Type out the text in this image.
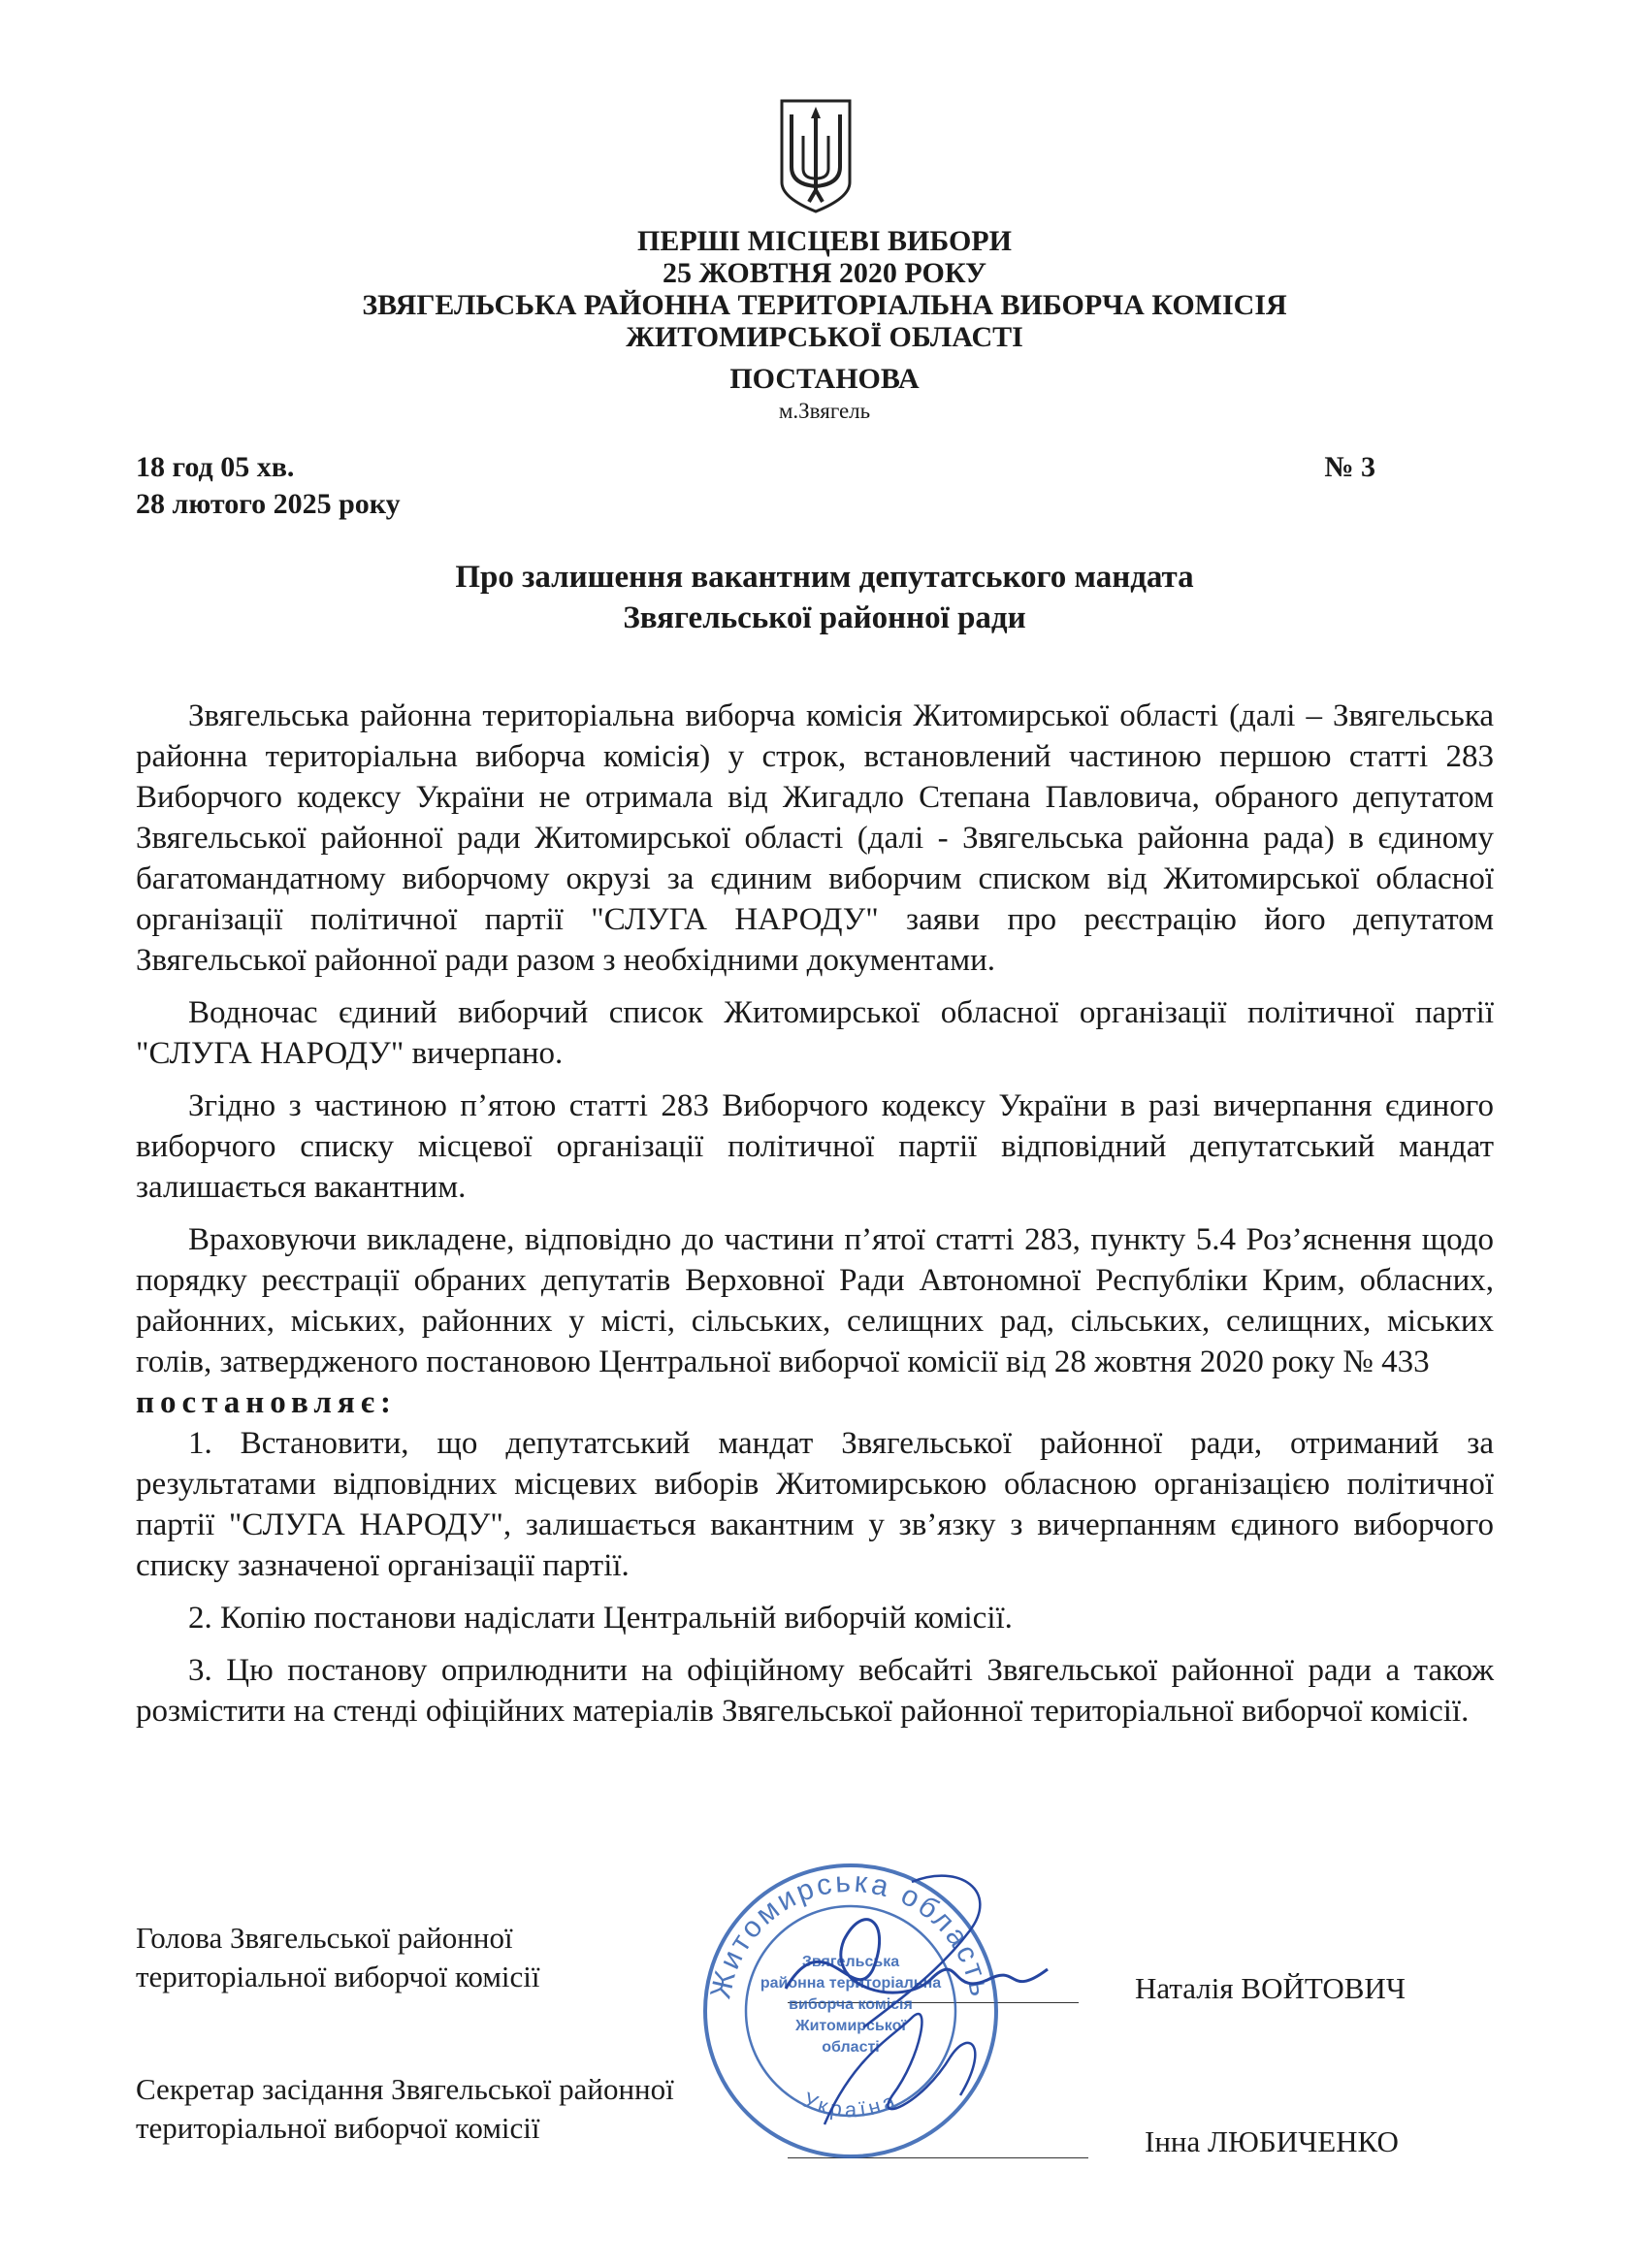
ПЕРШІ МІСЦЕВІ ВИБОРИ
25 ЖОВТНЯ 2020 РОКУ
ЗВЯГЕЛЬСЬКА РАЙОННА ТЕРИТОРІАЛЬНА ВИБОРЧА КОМІСІЯ
ЖИТОМИРСЬКОЇ ОБЛАСТІ
ПОСТАНОВА
м.Звягель
18 год 05 хв.
28 лютого 2025 року
№ 3
Про залишення вакантним депутатського мандата
Звягельської районної ради

Звягельська районна територіальна виборча комісія Житомирської області (далі – Звягельська районна територіальна виборча комісія) у строк, встановлений частиною першою статті 283 Виборчого кодексу України не отримала від Жигадло Степана Павловича, обраного депутатом Звягельської районної ради Житомирської області (далі - Звягельська районна рада) в єдиному багатомандатному виборчому окрузі за єдиним виборчим списком від Житомирської обласної організації політичної партії "СЛУГА НАРОДУ" заяви про реєстрацію його депутатом Звягельської районної ради разом з необхідними документами.

Водночас єдиний виборчий список Житомирської обласної організації політичної партії "СЛУГА НАРОДУ" вичерпано.

Згідно з частиною п’ятою статті 283 Виборчого кодексу України в разі вичерпання єдиного виборчого списку місцевої організації політичної партії відповідний депутатський мандат залишається вакантним.

Враховуючи викладене, відповідно до частини п’ятої статті 283, пункту 5.4 Роз’яснення щодо порядку реєстрації обраних депутатів Верховної Ради Автономної Республіки Крим, обласних, районних, міських, районних у місті, сільських, селищних рад, сільських, селищних, міських голів, затвердженого постановою Центральної виборчої комісії від 28 жовтня 2020 року № 433

постановляє:

1. Встановити, що депутатський мандат Звягельської районної ради, отриманий за результатами відповідних місцевих виборів Житомирською обласною організацією політичної партії "СЛУГА НАРОДУ", залишається вакантним у зв’язку з вичерпанням єдиного виборчого списку зазначеної організації партії.

2. Копію постанови надіслати Центральній виборчій комісії.

3. Цю постанову оприлюднити на офіційному вебсайті Звягельської районної ради а також розмістити на стенді офіційних матеріалів Звягельської районної територіальної виборчої комісії.

Голова Звягельської районної
територіальної виборчої комісії	Наталія ВОЙТОВИЧ
Секретар засідання Звягельської районної
територіальної виборчої комісії	Інна ЛЮБИЧЕНКО
Житомирська область
Україна
Звягельська
районна територіальна
виборча комісія
Житомирської
області
